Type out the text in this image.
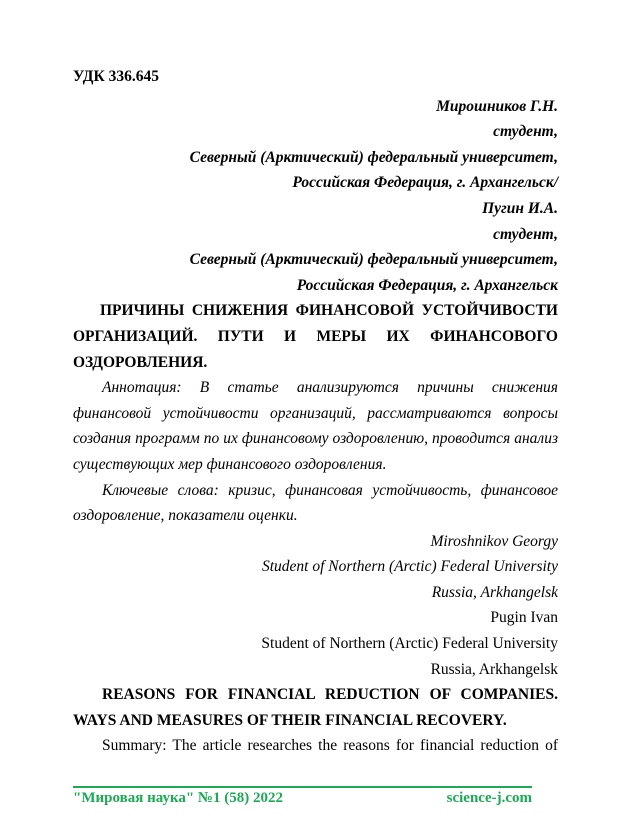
УДК 336.645

Мирошников Г.Н.

студент,

Северный (Арктический) федеральный университет,

Российская Федерация, г. Архангельск/

Пугин И.А.

студент,

Северный (Арктический) федеральный университет,

Российская Федерация, г. Архангельск

ПРИЧИНЫ СНИЖЕНИЯ ФИНАНСОВОЙ УСТОЙЧИВОСТИ ОРГАНИЗАЦИЙ. ПУТИ И МЕРЫ ИХ ФИНАНСОВОГО ОЗДОРОВЛЕНИЯ.

Аннотация: В статье анализируются причины снижения финансовой устойчивости организаций, рассматриваются вопросы создания программ по их финансовому оздоровлению, проводится анализ существующих мер финансового оздоровления.

Ключевые слова: кризис, финансовая устойчивость, финансовое оздоровление, показатели оценки.

Miroshnikov Georgy

Student of Northern (Arctic) Federal University

Russia, Arkhangelsk

Pugin Ivan

Student of Northern (Arctic) Federal University

Russia, Arkhangelsk

REASONS FOR FINANCIAL REDUCTION OF COMPANIES. WAYS AND MEASURES OF THEIR FINANCIAL RECOVERY.

Summary: The article researches the reasons for financial reduction of

"Мировая наука" №1 (58) 2022	science-j.com
